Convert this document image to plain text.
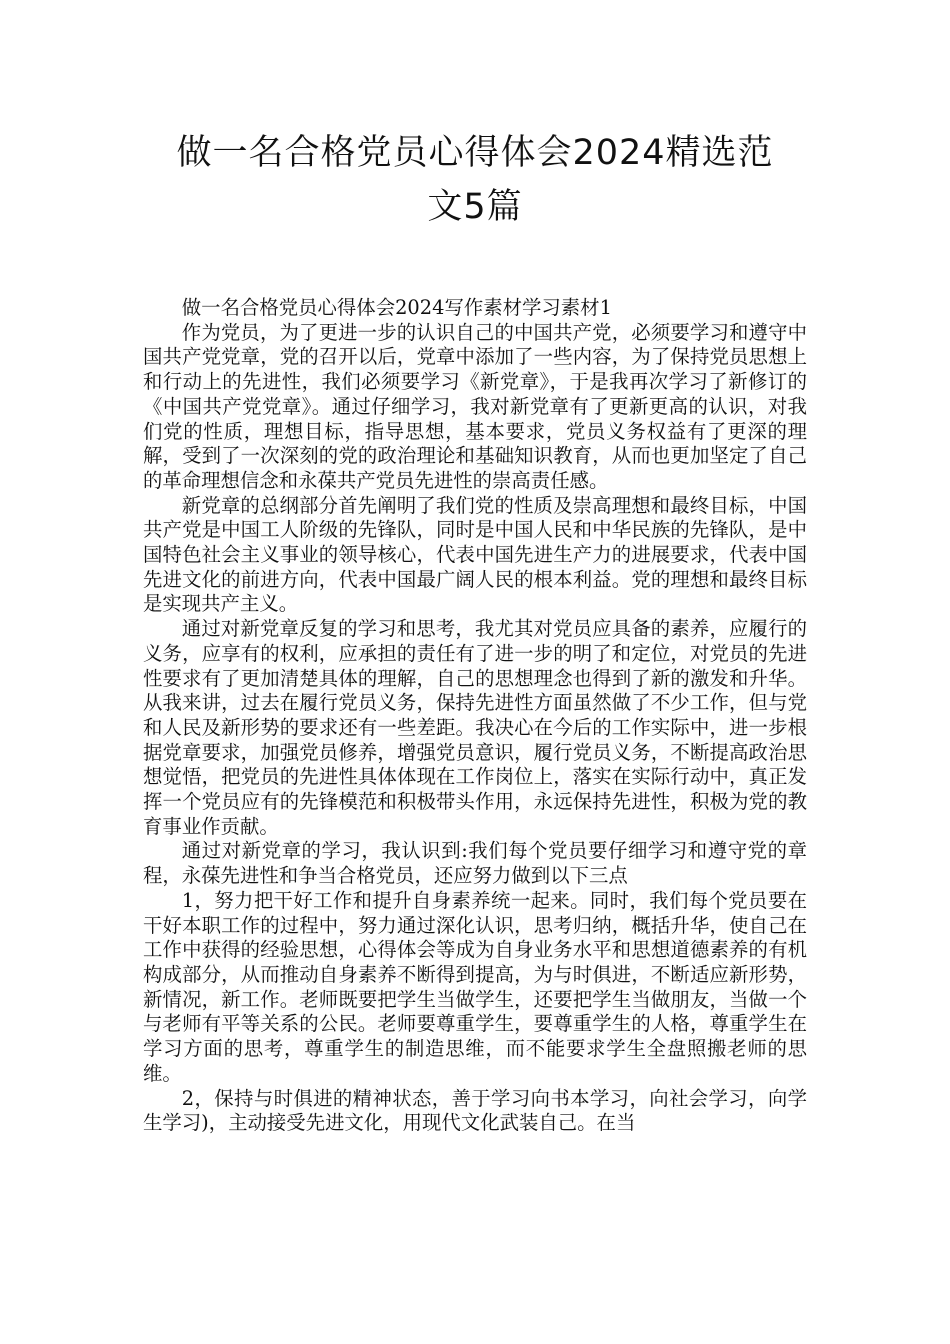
做一名合格党员心得体会2024精选范
文5篇

做一名合格党员心得体会2024写作素材学习素材1

作为党员，为了更进一步的认识自己的中国共产党，必须要学习和遵守中国共产党党章，党的召开以后，党章中添加了一些内容，为了保持党员思想上和行动上的先进性，我们必须要学习《新党章》，于是我再次学习了新修订的《中国共产党党章》。通过仔细学习，我对新党章有了更新更高的认识，对我们党的性质，理想目标，指导思想，基本要求，党员义务权益有了更深的理解，受到了一次深刻的党的政治理论和基础知识教育，从而也更加坚定了自己的革命理想信念和永葆共产党员先进性的崇高责任感。

新党章的总纲部分首先阐明了我们党的性质及崇高理想和最终目标，中国共产党是中国工人阶级的先锋队，同时是中国人民和中华民族的先锋队，是中国特色社会主义事业的领导核心，代表中国先进生产力的进展要求，代表中国先进文化的前进方向，代表中国最广阔人民的根本利益。党的理想和最终目标是实现共产主义。

通过对新党章反复的学习和思考，我尤其对党员应具备的素养，应履行的义务，应享有的权利，应承担的责任有了进一步的明了和定位，对党员的先进性要求有了更加清楚具体的理解，自己的思想理念也得到了新的激发和升华。从我来讲，过去在履行党员义务，保持先进性方面虽然做了不少工作，但与党和人民及新形势的要求还有一些差距。我决心在今后的工作实际中，进一步根据党章要求，加强党员修养，增强党员意识，履行党员义务，不断提高政治思想觉悟，把党员的先进性具体体现在工作岗位上，落实在实际行动中，真正发挥一个党员应有的先锋模范和积极带头作用，永远保持先进性，积极为党的教育事业作贡献。

通过对新党章的学习，我认识到:我们每个党员要仔细学习和遵守党的章程，永葆先进性和争当合格党员，还应努力做到以下三点

1，努力把干好工作和提升自身素养统一起来。同时，我们每个党员要在干好本职工作的过程中，努力通过深化认识，思考归纳，概括升华，使自己在工作中获得的经验思想，心得体会等成为自身业务水平和思想道德素养的有机构成部分，从而推动自身素养不断得到提高，为与时俱进，不断适应新形势，新情况，新工作。老师既要把学生当做学生，还要把学生当做朋友，当做一个与老师有平等关系的公民。老师要尊重学生，要尊重学生的人格，尊重学生在学习方面的思考，尊重学生的制造思维，而不能要求学生全盘照搬老师的思维。

2，保持与时俱进的精神状态，善于学习向书本学习，向社会学习，向学生学习)，主动接受先进文化，用现代文化武装自己。在当
